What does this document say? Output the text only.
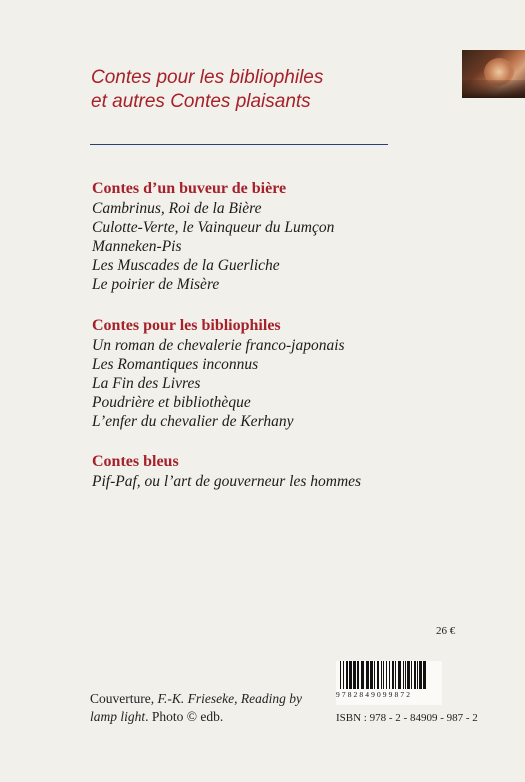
Contes pour les bibliophiles
et autres Contes plaisants
Contes d’un buveur de bière
Cambrinus, Roi de la Bière
Culotte-Verte, le Vainqueur du Lumçon
Manneken-Pis
Les Muscades de la Guerliche
Le poirier de Misère
Contes pour les bibliophiles
Un roman de chevalerie franco-japonais
Les Romantiques inconnus
La Fin des Livres
Poudrière et bibliothèque
L’enfer du chevalier de Kerhany
Contes bleus
Pif-Paf, ou l’art de gouverneur les hommes
26 €
9782849099872
ISBN : 978 - 2 - 84909 - 987 - 2
Couverture, F.-K. Frieseke, Reading by
lamp light. Photo © edb.
